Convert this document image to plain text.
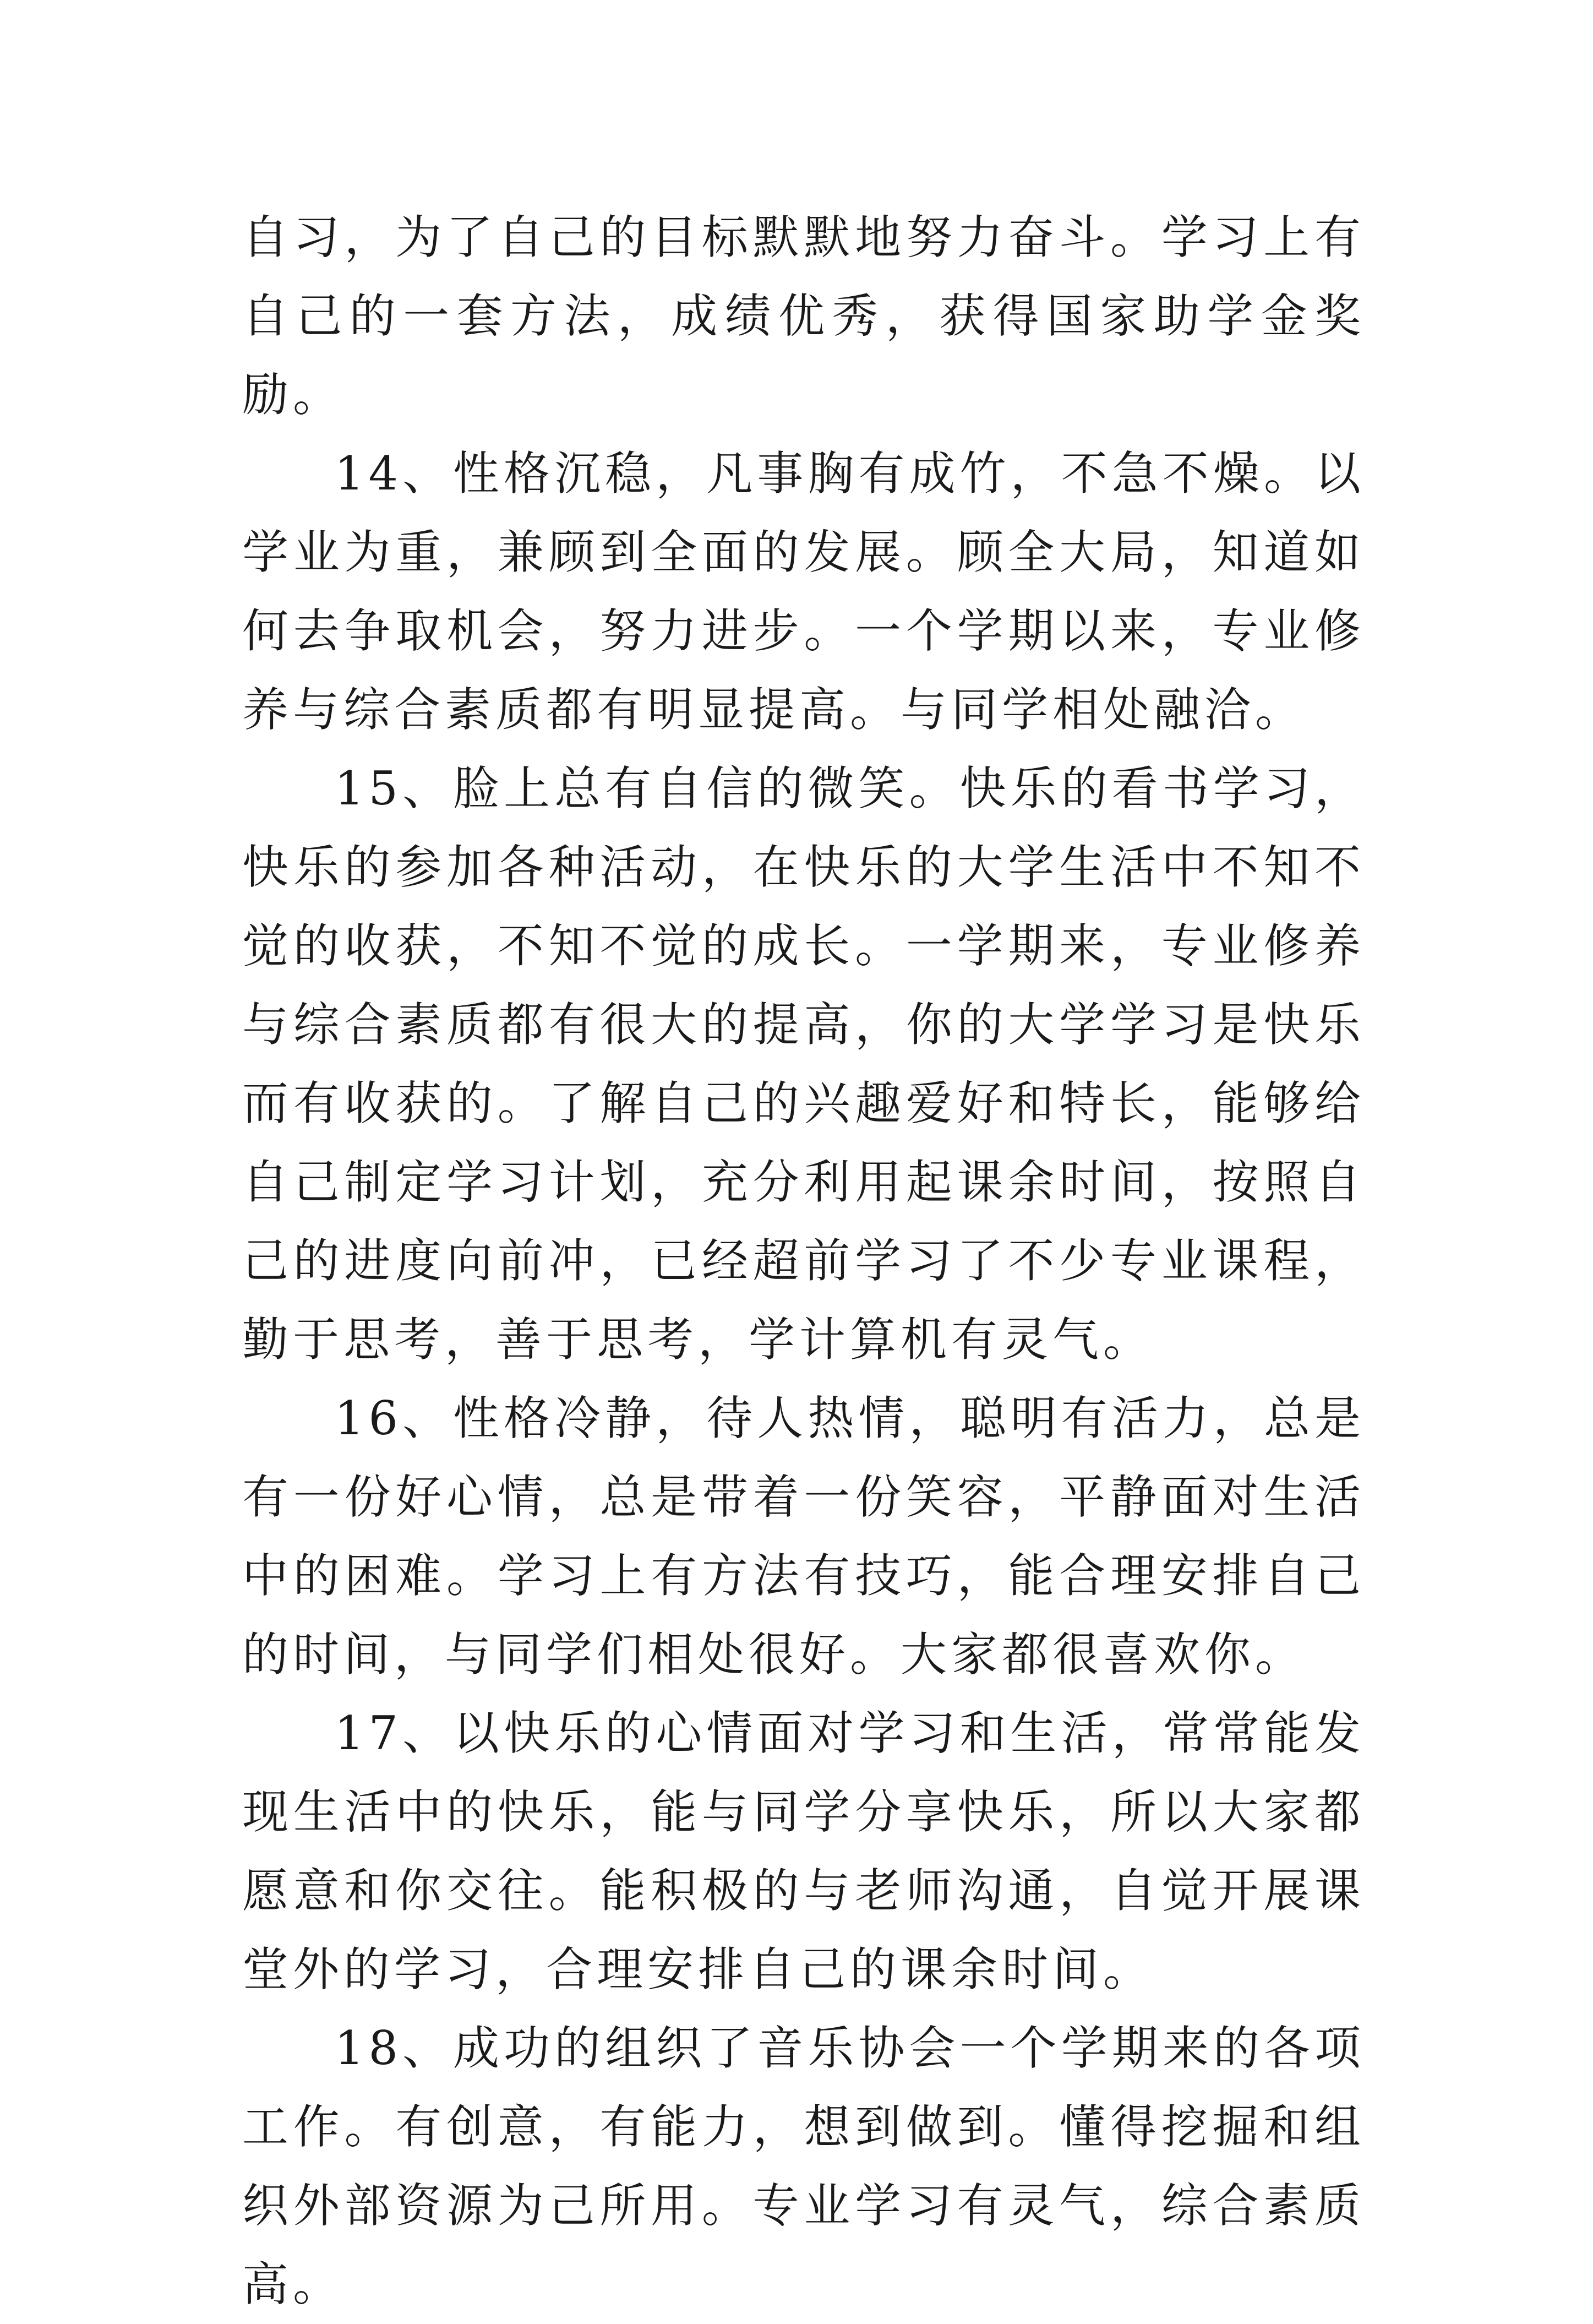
自习，为了自己的目标默默地努力奋斗。学习上有自己的一套方法，成绩优秀，获得国家助学金奖励。

14、性格沉稳，凡事胸有成竹，不急不燥。以学业为重，兼顾到全面的发展。顾全大局，知道如何去争取机会，努力进步。一个学期以来，专业修养与综合素质都有明显提高。与同学相处融洽。

15、脸上总有自信的微笑。快乐的看书学习，快乐的参加各种活动，在快乐的大学生活中不知不觉的收获，不知不觉的成长。一学期来，专业修养与综合素质都有很大的提高，你的大学学习是快乐而有收获的。了解自己的兴趣爱好和特长，能够给自己制定学习计划，充分利用起课余时间，按照自己的进度向前冲，已经超前学习了不少专业课程，勤于思考，善于思考，学计算机有灵气。

16、性格冷静，待人热情，聪明有活力，总是有一份好心情，总是带着一份笑容，平静面对生活中的困难。学习上有方法有技巧，能合理安排自己的时间，与同学们相处很好。大家都很喜欢你。

17、以快乐的心情面对学习和生活，常常能发现生活中的快乐，能与同学分享快乐，所以大家都愿意和你交往。能积极的与老师沟通，自觉开展课堂外的学习，合理安排自己的课余时间。

18、成功的组织了音乐协会一个学期来的各项工作。有创意，有能力，想到做到。懂得挖掘和组织外部资源为己所用。专业学习有灵气，综合素质高。
